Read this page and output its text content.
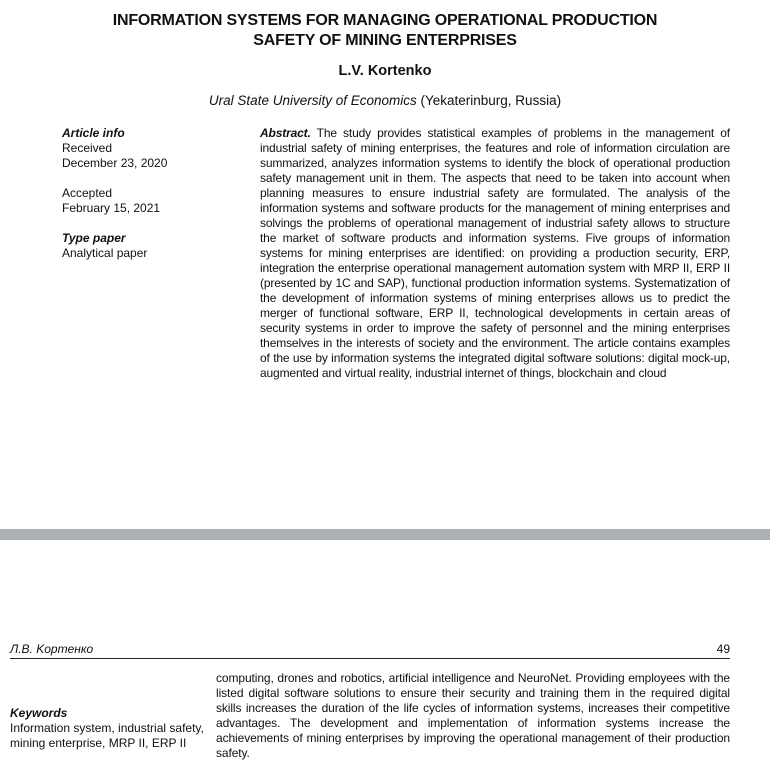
INFORMATION SYSTEMS FOR MANAGING OPERATIONAL PRODUCTION
SAFETY OF MINING ENTERPRISES
L.V. Kortenko
Ural State University of Economics (Yekaterinburg, Russia)
Article info
Received
December 23, 2020
Accepted
February 15, 2021
Type paper
Analytical paper
Abstract. The study provides statistical examples of problems in the management of industrial safety of mining enterprises, the features and role of information circulation are summarized, analyzes information systems to identify the block of operational production safety management unit in them. The aspects that need to be taken into account when planning measures to ensure industrial safety are formulated. The analysis of the information systems and software products for the management of mining enterprises and solvings the problems of operational management of industrial safety allows to structure the market of software products and information systems. Five groups of information systems for mining enterprises are identified: on providing a production security, ERP, integration the enterprise operational management automation system with MRP II, ERP II (presented by 1C and SAP), functional production information systems. Systematization of the development of information systems of mining enterprises allows us to predict the merger of functional software, ERP II, technological developments in certain areas of security systems in order to improve the safety of personnel and the mining enterprises themselves in the interests of society and the environment. The article contains examples of the use by information systems the integrated digital software solutions: digital mock-up, augmented and virtual reality, industrial internet of things, blockchain and cloud
Л.В. Kортенко	49
Keywords
Information system, industrial safety, mining enterprise, MRP II, ERP II
computing, drones and robotics, artificial intelligence and NeuroNet. Providing employees with the listed digital software solutions to ensure their security and training them in the required digital skills increases the duration of the life cycles of information systems, increases their competitive advantages. The development and implementation of information systems increase the achievements of mining enterprises by improving the operational management of their production safety.
